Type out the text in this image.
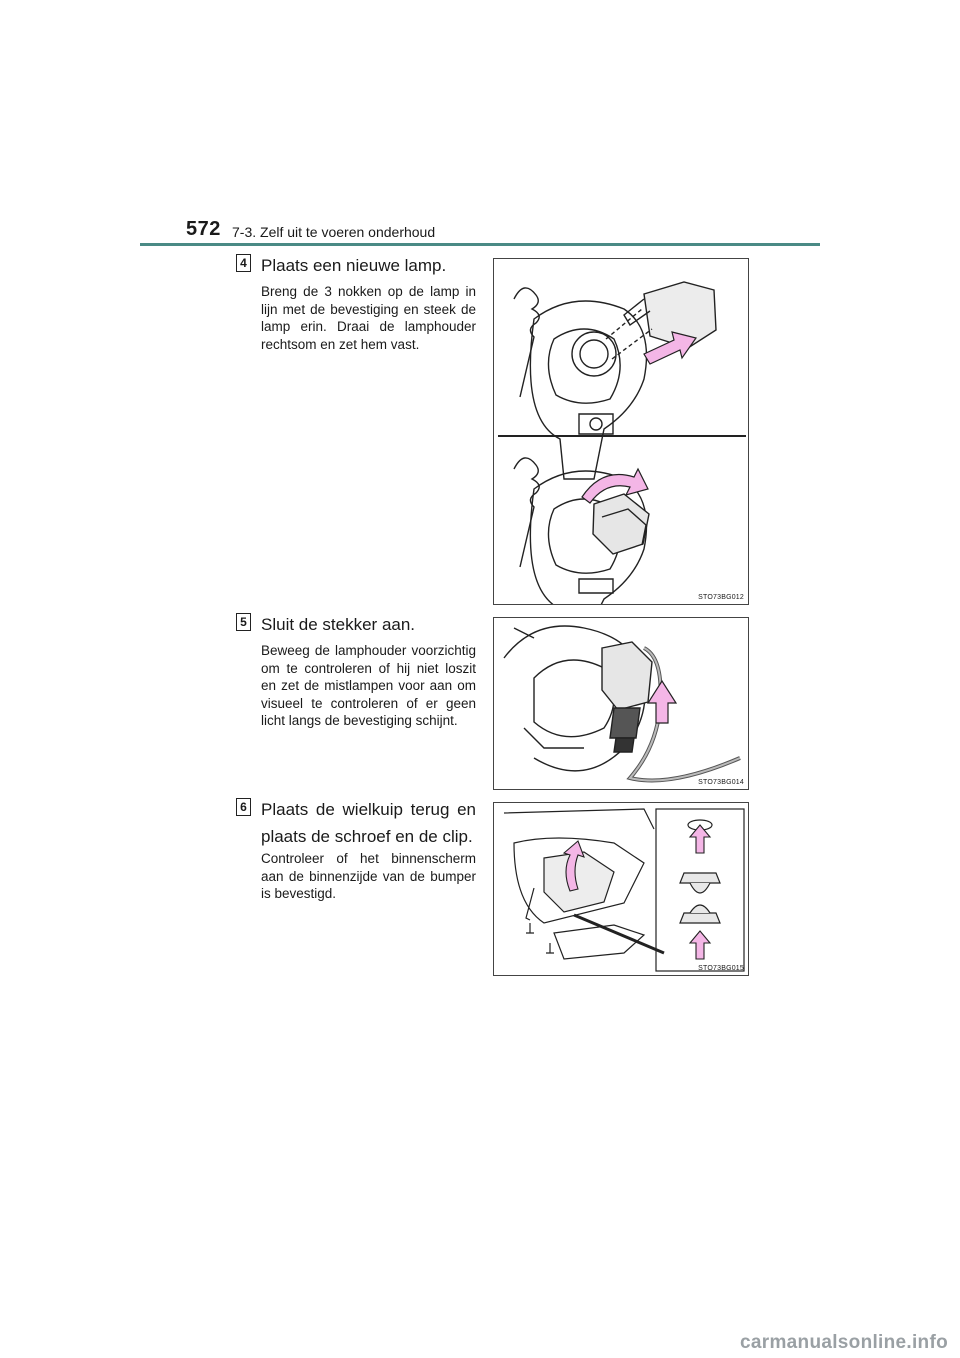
572 7-3. Zelf uit te voeren onderhoud
4 Plaats een nieuwe lamp.
Breng de 3 nokken op de lamp in lijn met de bevestiging en steek de lamp erin. Draai de lamphouder rechtsom en zet hem vast.
STO73BG012
5 Sluit de stekker aan.
Beweeg de lamphouder voorzichtig om te controleren of hij niet loszit en zet de mistlampen voor aan om visueel te controleren of er geen licht langs de bevestiging schijnt.
STO73BG014
6 Plaats de wielkuip terug en plaats de schroef en de clip.
Controleer of het binnenscherm aan de binnenzijde van de bumper is bevestigd.
STO73BG015
carmanualsonline.info
